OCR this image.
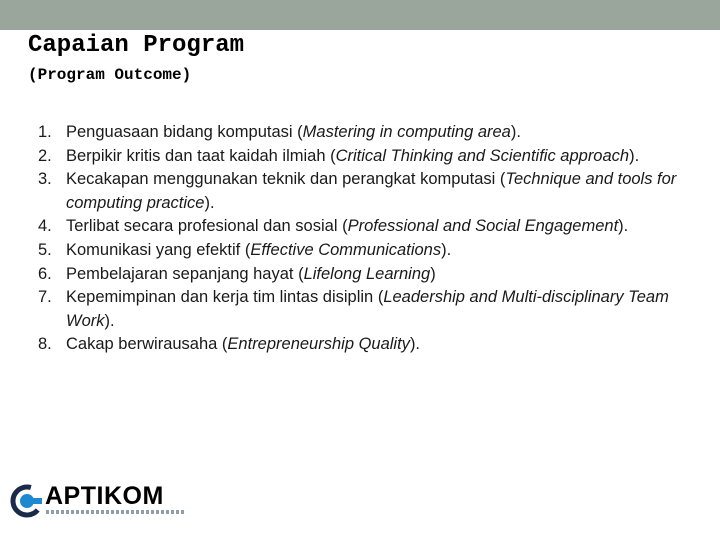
Capaian Program
(Program Outcome)
1. Penguasaan bidang komputasi (Mastering in computing area).
2. Berpikir kritis dan taat kaidah ilmiah (Critical Thinking and Scientific approach).
3. Kecakapan menggunakan teknik dan perangkat komputasi (Technique and tools for computing practice).
4. Terlibat secara profesional dan sosial (Professional and Social Engagement).
5. Komunikasi yang efektif (Effective Communications).
6. Pembelajaran sepanjang hayat (Lifelong Learning)
7. Kepemimpinan dan kerja tim lintas disiplin (Leadership and Multi-disciplinary Team Work).
8. Cakap berwirausaha (Entrepreneurship Quality).
APTIKOM
